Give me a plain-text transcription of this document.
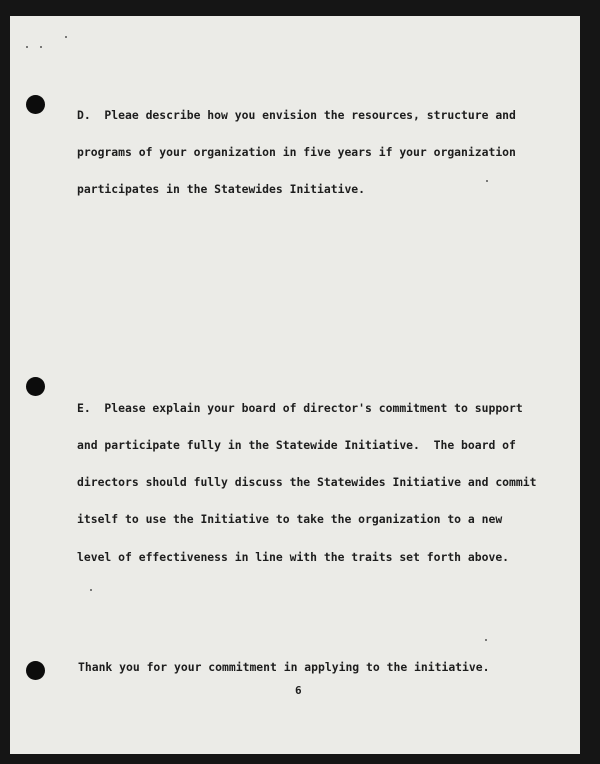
D.  Pleae describe how you envision the resources, structure and

programs of your organization in five years if your organization

participates in the Statewides Initiative.

E.  Please explain your board of director's commitment to support

and participate fully in the Statewide Initiative.  The board of

directors should fully discuss the Statewides Initiative and commit

itself to use the Initiative to take the organization to a new

level of effectiveness in line with the traits set forth above.

Thank you for your commitment in applying to the initiative.
6
